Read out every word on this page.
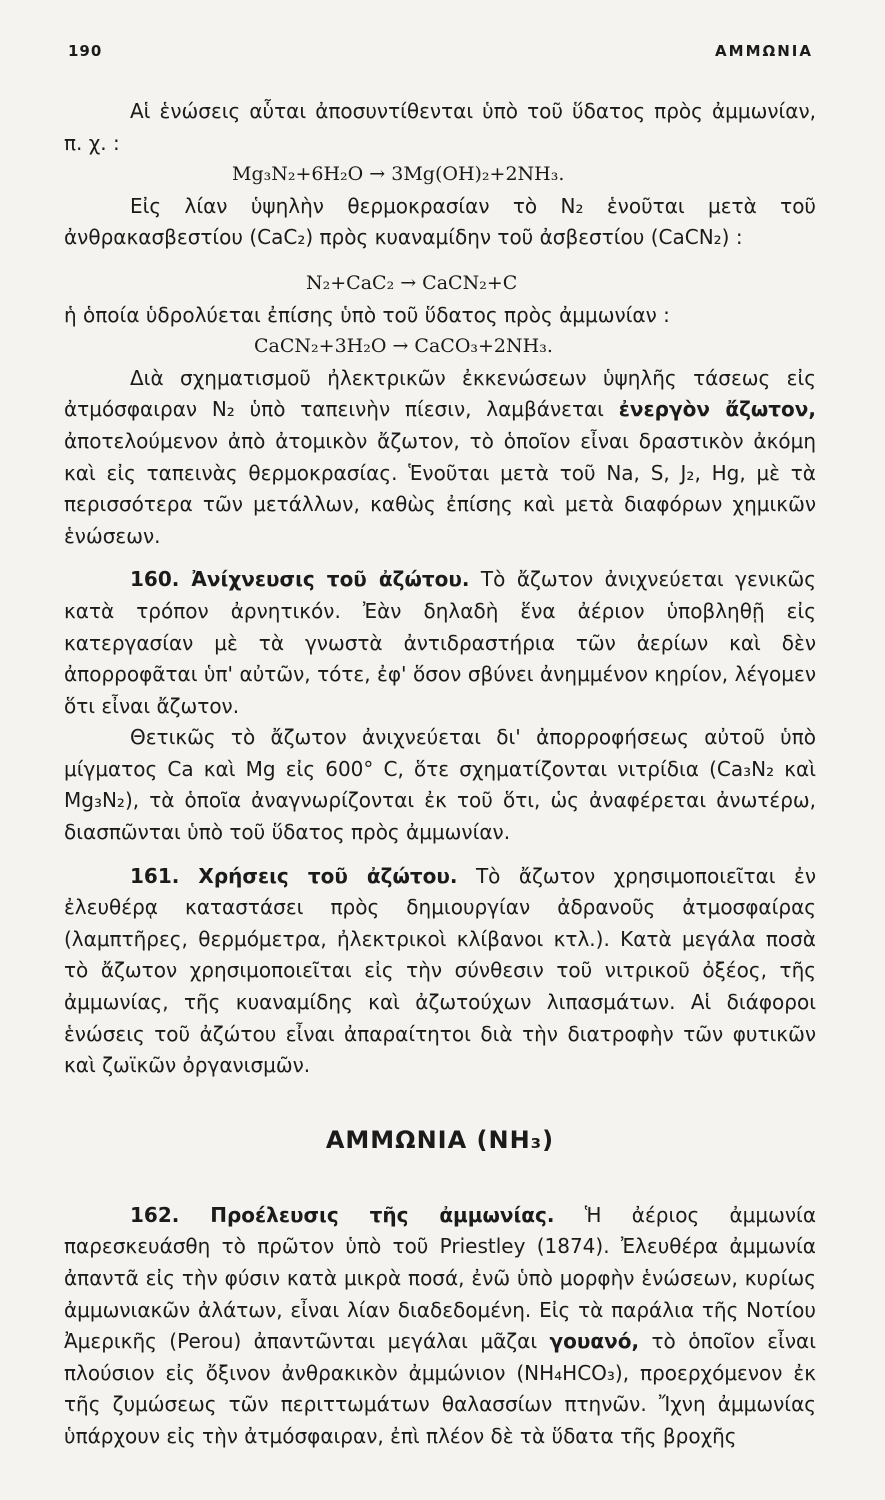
190	ΑΜΜΩΝΙΑ

Αἱ ἑνώσεις αὗται ἀποσυντίθενται ὑπὸ τοῦ ὕδατος πρὸς ἀμμωνίαν, π. χ. :

Mg₃N₂+6H₂O → 3Mg(OH)₂+2NH₃.

Εἰς λίαν ὑψηλὴν θερμοκρασίαν τὸ N₂ ἑνοῦται μετὰ τοῦ ἀνθρακασβεστίου (CaC₂) πρὸς κυαναμίδην τοῦ ἀσβεστίου (CaCN₂) :

N₂+CaC₂ → CaCN₂+C

ἡ ὁποία ὑδρολύεται ἐπίσης ὑπὸ τοῦ ὕδατος πρὸς ἀμμωνίαν :

CaCN₂+3H₂O → CaCO₃+2NH₃.

Διὰ σχηματισμοῦ ἠλεκτρικῶν ἐκκενώσεων ὑψηλῆς τάσεως εἰς ἀτμόσφαιραν N₂ ὑπὸ ταπεινὴν πίεσιν, λαμβάνεται ἐνεργὸν ἄζωτον, ἀποτελούμενον ἀπὸ ἀτομικὸν ἄζωτον, τὸ ὁποῖον εἶναι δραστικὸν ἀκόμη καὶ εἰς ταπεινὰς θερμοκρασίας. Ἑνοῦται μετὰ τοῦ Na, S, J₂, Hg, μὲ τὰ περισσότερα τῶν μετάλλων, καθὼς ἐπίσης καὶ μετὰ διαφόρων χημικῶν ἑνώσεων.

160. Ἀνίχνευσις τοῦ ἀζώτου. Τὸ ἄζωτον ἀνιχνεύεται γενικῶς κατὰ τρόπον ἀρνητικόν. Ἐὰν δηλαδὴ ἕνα ἀέριον ὑποβληθῇ εἰς κατεργασίαν μὲ τὰ γνωστὰ ἀντιδραστήρια τῶν ἀερίων καὶ δὲν ἀπορροφᾶται ὑπ' αὐτῶν, τότε, ἐφ' ὅσον σβύνει ἀνημμένον κηρίον, λέγομεν ὅτι εἶναι ἄζωτον.

Θετικῶς τὸ ἄζωτον ἀνιχνεύεται δι' ἀπορροφήσεως αὐτοῦ ὑπὸ μίγματος Ca καὶ Mg εἰς 600° C, ὅτε σχηματίζονται νιτρίδια (Ca₃N₂ καὶ Mg₃N₂), τὰ ὁποῖα ἀναγνωρίζονται ἐκ τοῦ ὅτι, ὡς ἀναφέρεται ἀνωτέρω, διασπῶνται ὑπὸ τοῦ ὕδατος πρὸς ἀμμωνίαν.

161. Χρήσεις τοῦ ἀζώτου. Τὸ ἄζωτον χρησιμοποιεῖται ἐν ἐλευθέρᾳ καταστάσει πρὸς δημιουργίαν ἀδρανοῦς ἀτμοσφαίρας (λαμπτῆρες, θερμόμετρα, ἠλεκτρικοὶ κλίβανοι κτλ.). Κατὰ μεγάλα ποσὰ τὸ ἄζωτον χρησιμοποιεῖται εἰς τὴν σύνθεσιν τοῦ νιτρικοῦ ὀξέος, τῆς ἀμμωνίας, τῆς κυαναμίδης καὶ ἀζωτούχων λιπασμάτων. Αἱ διάφοροι ἑνώσεις τοῦ ἀζώτου εἶναι ἀπαραίτητοι διὰ τὴν διατροφὴν τῶν φυτικῶν καὶ ζωϊκῶν ὀργανισμῶν.

ΑΜΜΩΝΙΑ (NH₃)

162. Προέλευσις τῆς ἀμμωνίας. Ἡ ἀέριος ἀμμωνία παρεσκευάσθη τὸ πρῶτον ὑπὸ τοῦ Priestley (1874). Ἐλευθέρα ἀμμωνία ἀπαντᾶ εἰς τὴν φύσιν κατὰ μικρὰ ποσά, ἐνῶ ὑπὸ μορφὴν ἑνώσεων, κυρίως ἀμμωνιακῶν ἀλάτων, εἶναι λίαν διαδεδομένη. Εἰς τὰ παράλια τῆς Νοτίου Ἀμερικῆς (Perou) ἀπαντῶνται μεγάλαι μᾶζαι γουανό, τὸ ὁποῖον εἶναι πλούσιον εἰς ὄξινον ἀνθρακικὸν ἀμμώνιον (NH₄HCO₃), προερχόμενον ἐκ τῆς ζυμώσεως τῶν περιττωμάτων θαλασσίων πτηνῶν. Ἴχνη ἀμμωνίας ὑπάρχουν εἰς τὴν ἀτμόσφαιραν, ἐπὶ πλέον δὲ τὰ ὕδατα τῆς βροχῆς
